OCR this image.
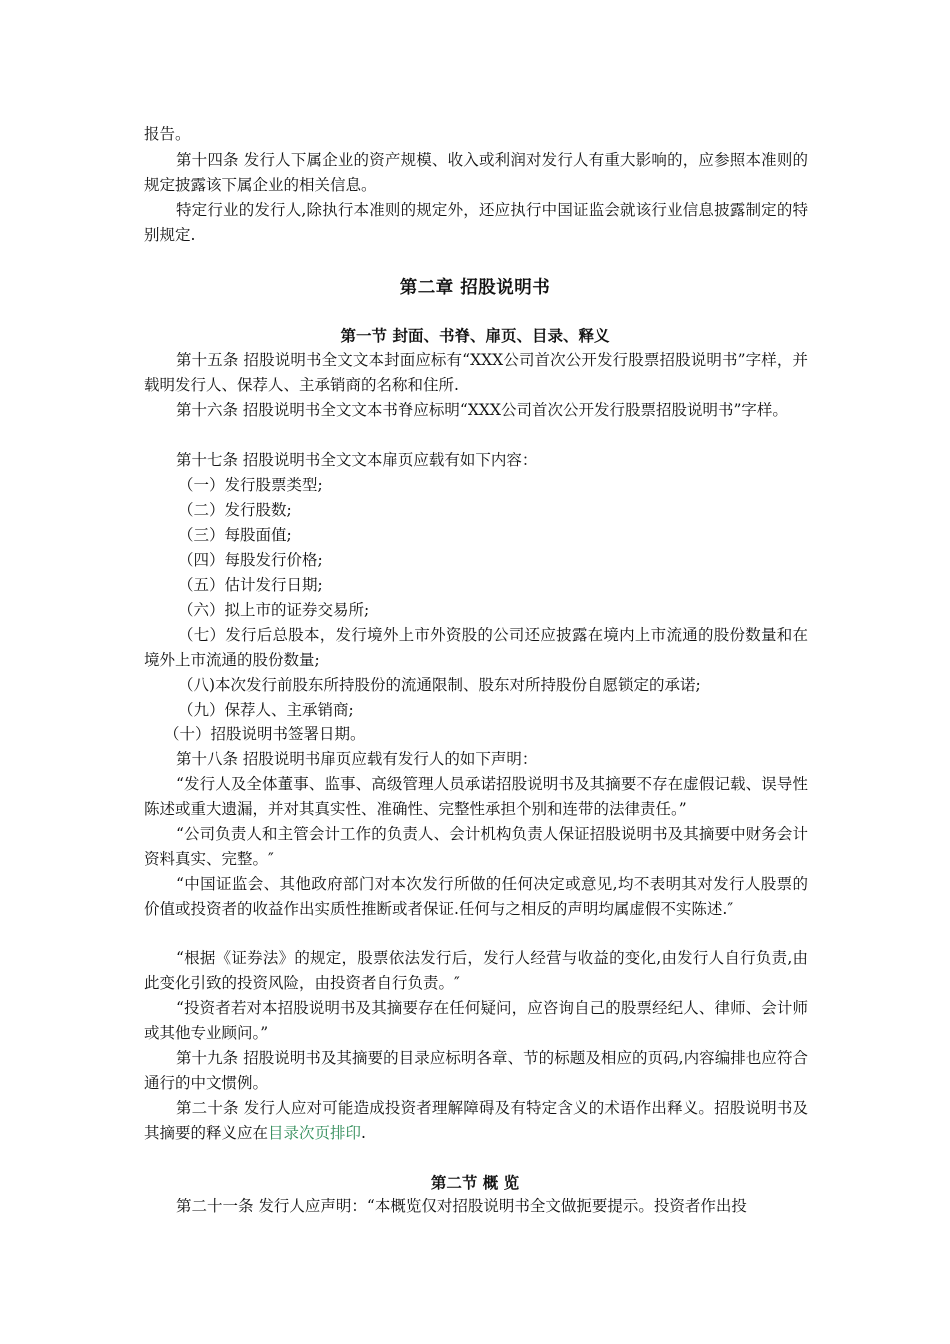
报告。

第十四条 发行人下属企业的资产规模、收入或利润对发行人有重大影响的，应参照本准则的规定披露该下属企业的相关信息。

特定行业的发行人,除执行本准则的规定外，还应执行中国证监会就该行业信息披露制定的特别规定.

第二章 招股说明书
第一节 封面、书脊、扉页、目录、释义

第十五条 招股说明书全文文本封面应标有“XXX公司首次公开发行股票招股说明书”字样，并载明发行人、保荐人、主承销商的名称和住所.

第十六条 招股说明书全文文本书脊应标明“XXX公司首次公开发行股票招股说明书”字样。

第十七条 招股说明书全文文本扉页应载有如下内容：

（一）发行股票类型;

（二）发行股数;

（三）每股面值;

（四）每股发行价格;

（五）估计发行日期;

（六）拟上市的证券交易所;

（七）发行后总股本，发行境外上市外资股的公司还应披露在境内上市流通的股份数量和在境外上市流通的股份数量;

（八)本次发行前股东所持股份的流通限制、股东对所持股份自愿锁定的承诺;

（九）保荐人、主承销商;

（十）招股说明书签署日期。

第十八条 招股说明书扉页应载有发行人的如下声明：

“发行人及全体董事、监事、高级管理人员承诺招股说明书及其摘要不存在虚假记载、误导性陈述或重大遗漏，并对其真实性、准确性、完整性承担个别和连带的法律责任。”

“公司负责人和主管会计工作的负责人、会计机构负责人保证招股说明书及其摘要中财务会计资料真实、完整。″

“中国证监会、其他政府部门对本次发行所做的任何决定或意见,均不表明其对发行人股票的价值或投资者的收益作出实质性推断或者保证.任何与之相反的声明均属虚假不实陈述.″

“根据《证券法》的规定，股票依法发行后，发行人经营与收益的变化,由发行人自行负责,由此变化引致的投资风险，由投资者自行负责。″

“投资者若对本招股说明书及其摘要存在任何疑问，应咨询自己的股票经纪人、律师、会计师或其他专业顾问。”

第十九条 招股说明书及其摘要的目录应标明各章、节的标题及相应的页码,内容编排也应符合通行的中文惯例。

第二十条 发行人应对可能造成投资者理解障碍及有特定含义的术语作出释义。招股说明书及其摘要的释义应在目录次页排印.

第二节 概 览

第二十一条 发行人应声明：“本概览仅对招股说明书全文做扼要提示。投资者作出投
